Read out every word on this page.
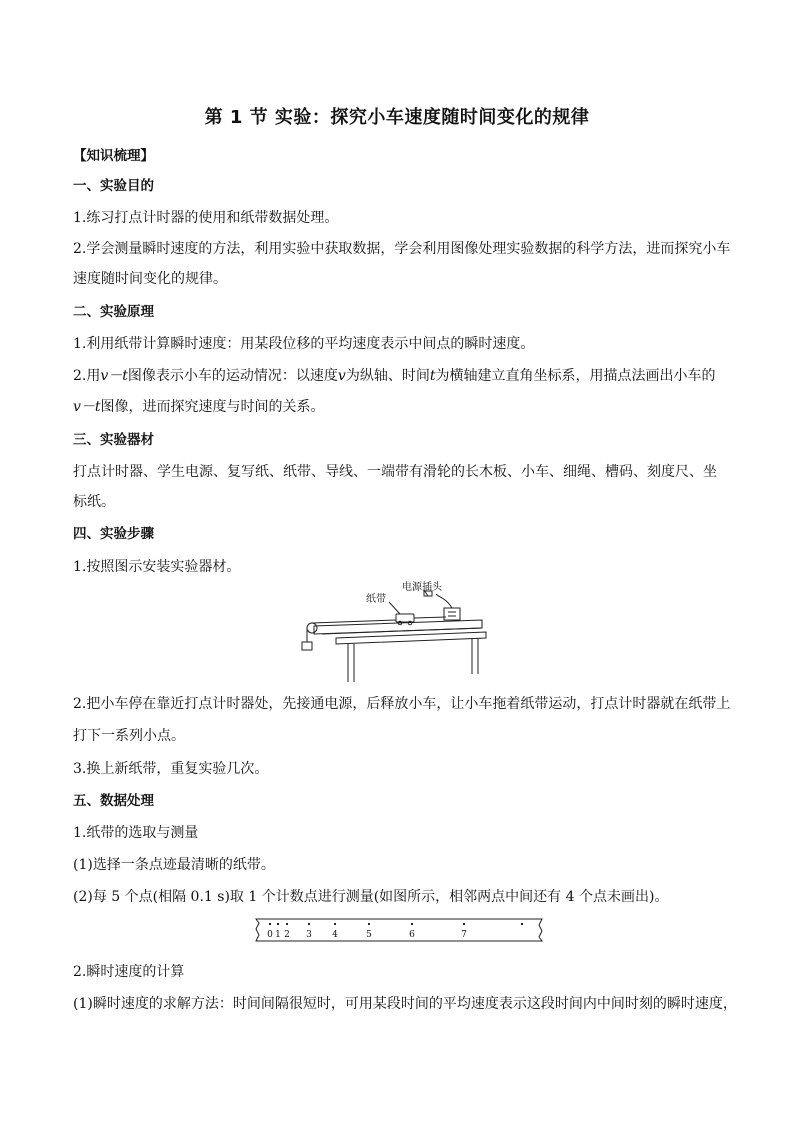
第 1 节 实验：探究小车速度随时间变化的规律
【知识梳理】
一、实验目的
1.练习打点计时器的使用和纸带数据处理。
2.学会测量瞬时速度的方法，利用实验中获取数据，学会利用图像处理实验数据的科学方法，进而探究小车
速度随时间变化的规律。
二、实验原理
1.利用纸带计算瞬时速度：用某段位移的平均速度表示中间点的瞬时速度。
2.用v－t图像表示小车的运动情况：以速度v为纵轴、时间t为横轴建立直角坐标系，用描点法画出小车的
v－t图像，进而探究速度与时间的关系。
三、实验器材
打点计时器、学生电源、复写纸、纸带、导线、一端带有滑轮的长木板、小车、细绳、槽码、刻度尺、坐
标纸。
四、实验步骤
1.按照图示安装实验器材。
纸带
电源插头
2.把小车停在靠近打点计时器处，先接通电源，后释放小车，让小车拖着纸带运动，打点计时器就在纸带上
打下一系列小点。
3.换上新纸带，重复实验几次。
五、数据处理
1.纸带的选取与测量
(1)选择一条点迹最清晰的纸带。
(2)每 5 个点(相隔 0.1 s)取 1 个计数点进行测量(如图所示，相邻两点中间还有 4 个点未画出)。
0 1 2 3 4	5	6	7
2.瞬时速度的计算
(1)瞬时速度的求解方法：时间间隔很短时，可用某段时间的平均速度表示这段时间内中间时刻的瞬时速度，
